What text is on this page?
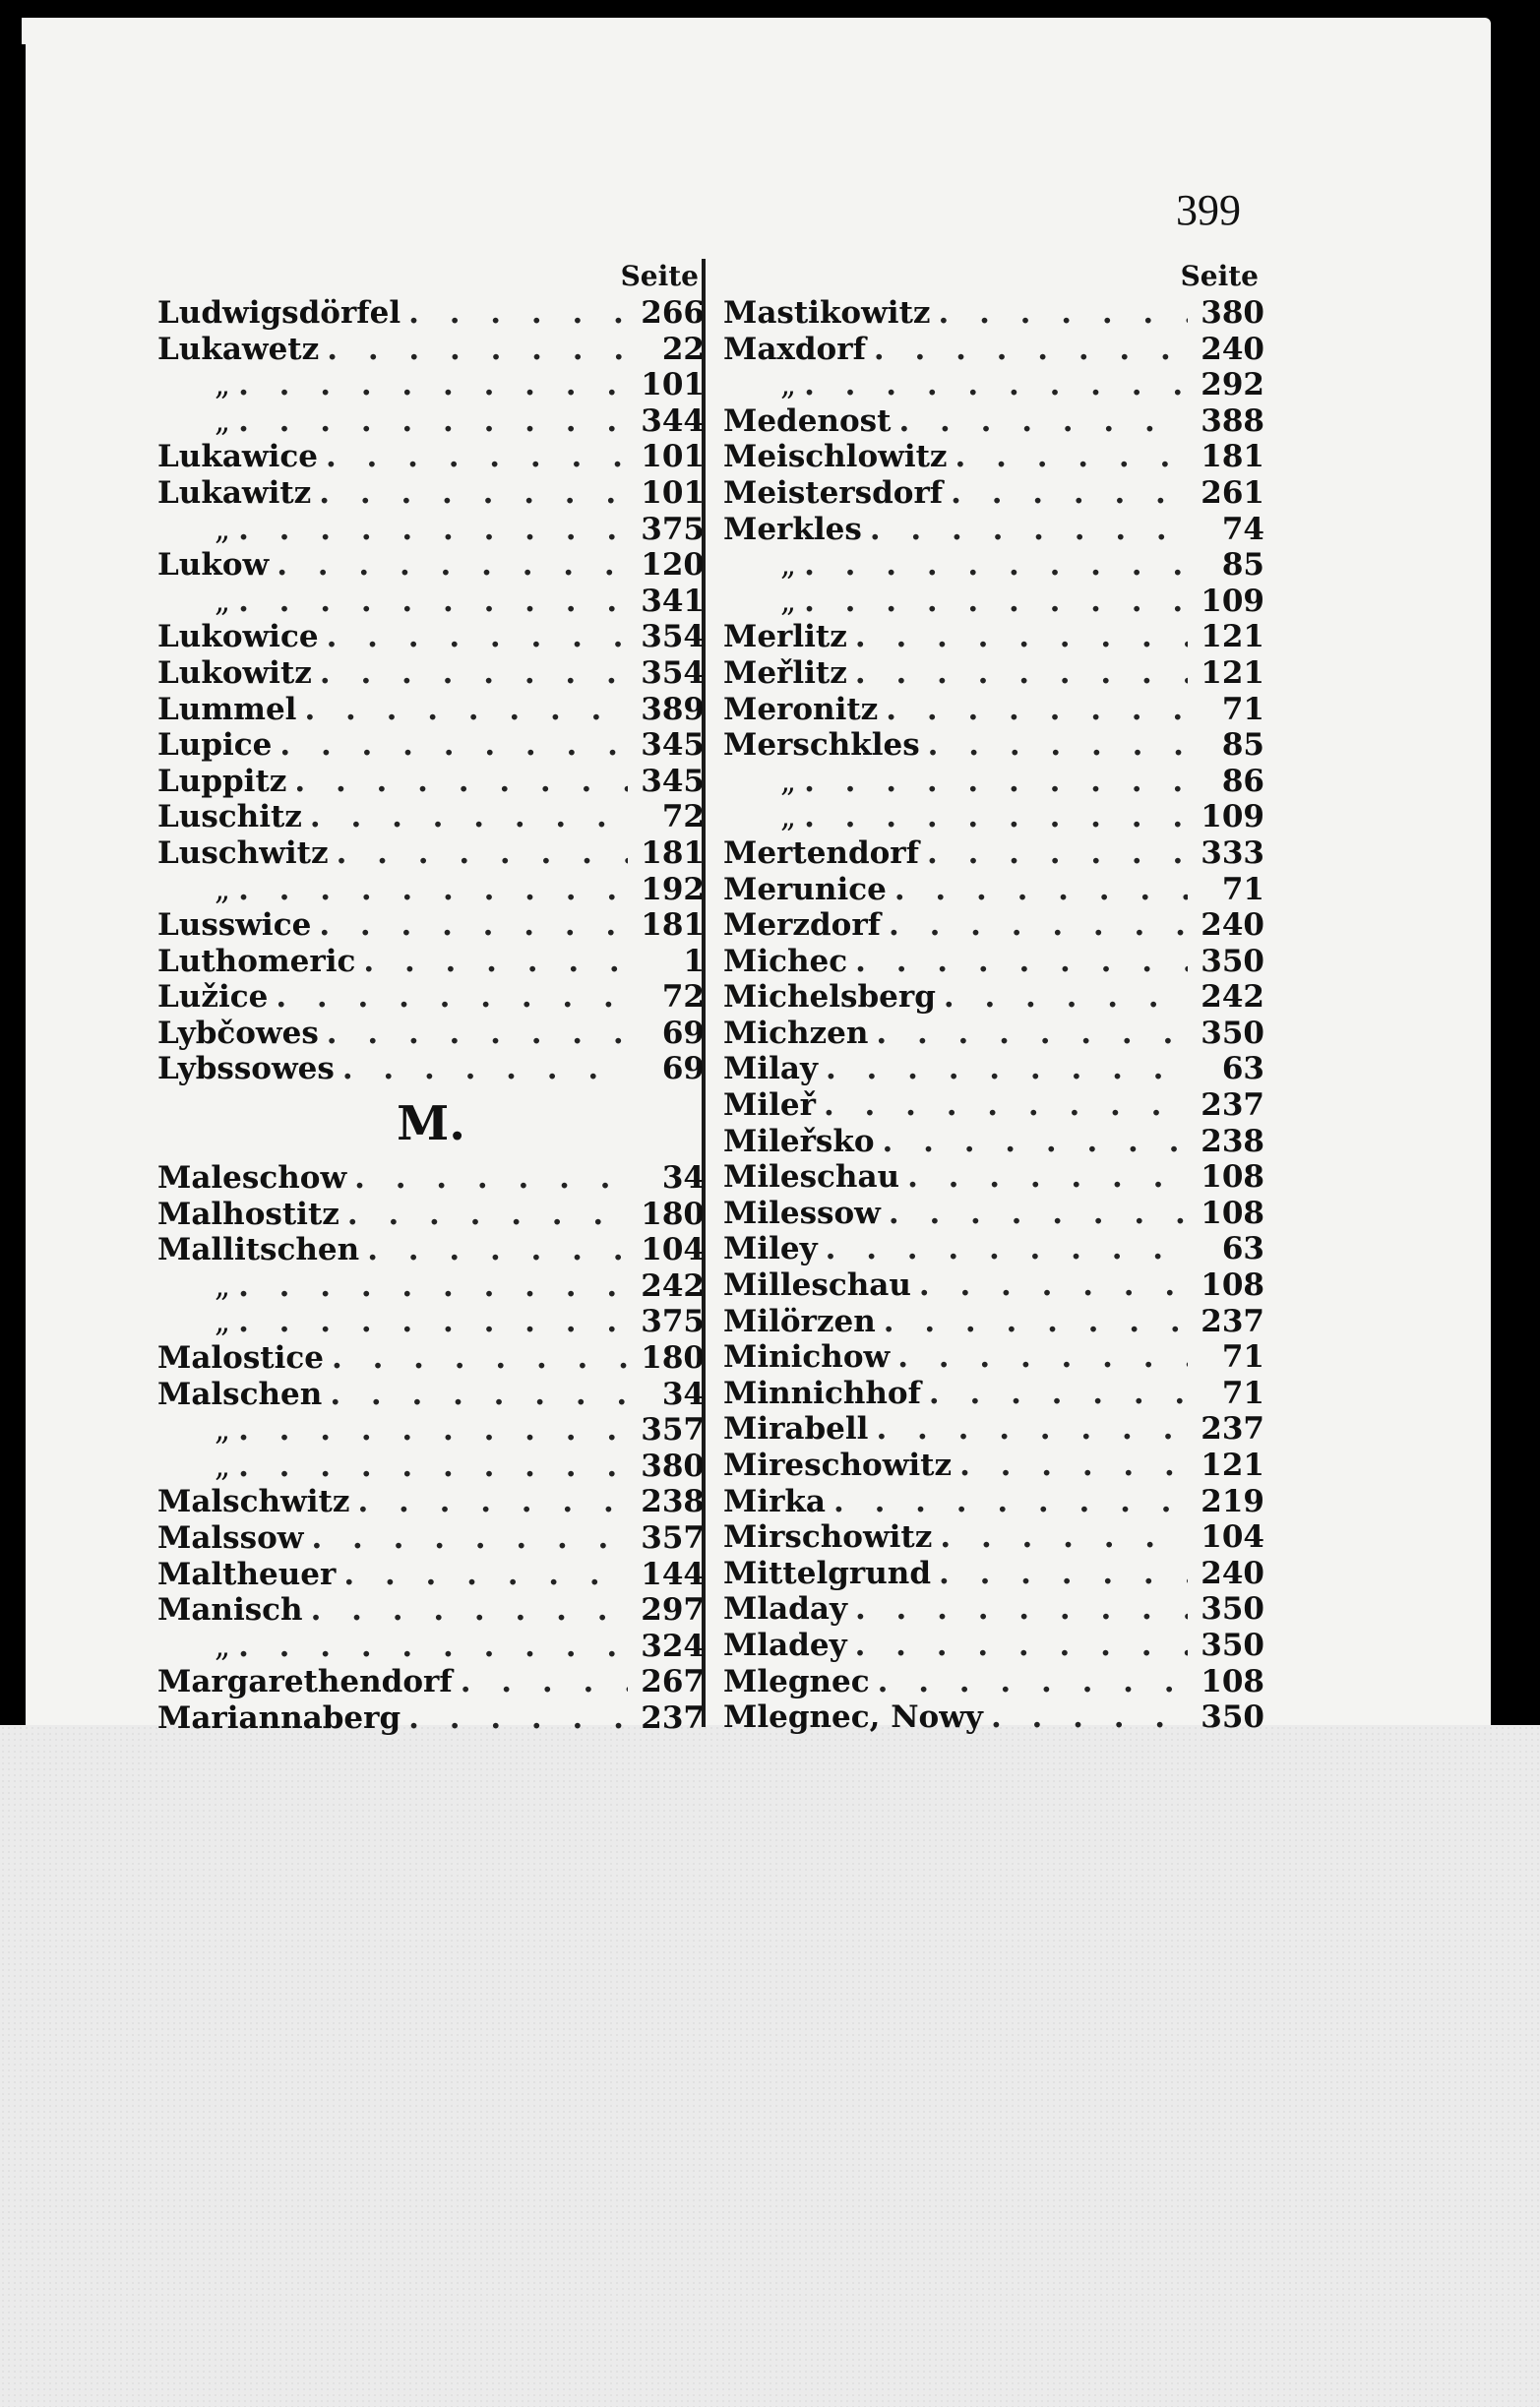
399
Seite
Ludwigsdörfel . . .	266
Lukawetz . . .	22
„ . . .	101
„ . . .	344
Lukawice . . .	101
Lukawitz . . .	101
„ . . .	375
Lukow . . .	120
„ . . .	341
Lukowice . . .	354
Lukowitz . . .	354
Lummel . . .	389
Lupice . . .	345
Luppitz . . .	345
Luschitz . . .	72
Luschwitz . . .	181
„ . . .	192
Lusswice . . .	181
Luthomeric . . .	1
Lužice . . .	72
Lybčowes . . .	69
Lybssowes . . .	69
M.
Maleschow . . .	34
Malhostitz . . .	180
Mallitschen . . .	104
„ . . .	242
„ . . .	375
Malostice . . .	180
Malschen . . .	34
„ . . .	357
„ . . .	380
Malschwitz . . .	238
Malssow . . .	357
Maltheuer . . .	144
Manisch . . .	297
„ . . .	324
Margarethendorf . . .	267
Mariannaberg . . .	237
Seite
Mastikowitz . . .	380
Maxdorf . . .	240
„ . . .	292
Medenost . . .	388
Meischlowitz . . .	181
Meistersdorf . . .	261
Merkles . . .	74
„ . . .	85
„ . . .	109
Merlitz . . .	121
Meřlitz . . .	121
Meronitz . . .	71
Merschkles . . .	85
„ . . .	86
„ . . .	109
Mertendorf . . .	333
Merunice . . .	71
Merzdorf . . .	240
Michec . . .	350
Michelsberg . . .	242
Michzen . . .	350
Milay . . .	63
Mileř . . .	237
Mileřsko . . .	238
Mileschau . . .	108
Milessow . . .	108
Miley . . .	63
Milleschau . . .	108
Milörzen . . .	237
Minichow . . .	71
Minnichhof . . .	71
Mirabell . . .	237
Mireschowitz . . .	121
Mirka . . .	219
Mirschowitz . . .	104
Mittelgrund . . .	240
Mladay . . .	350
Mladey . . .	350
Mlegnec . . .	108
Mlegnec, Nowy . . .	350
